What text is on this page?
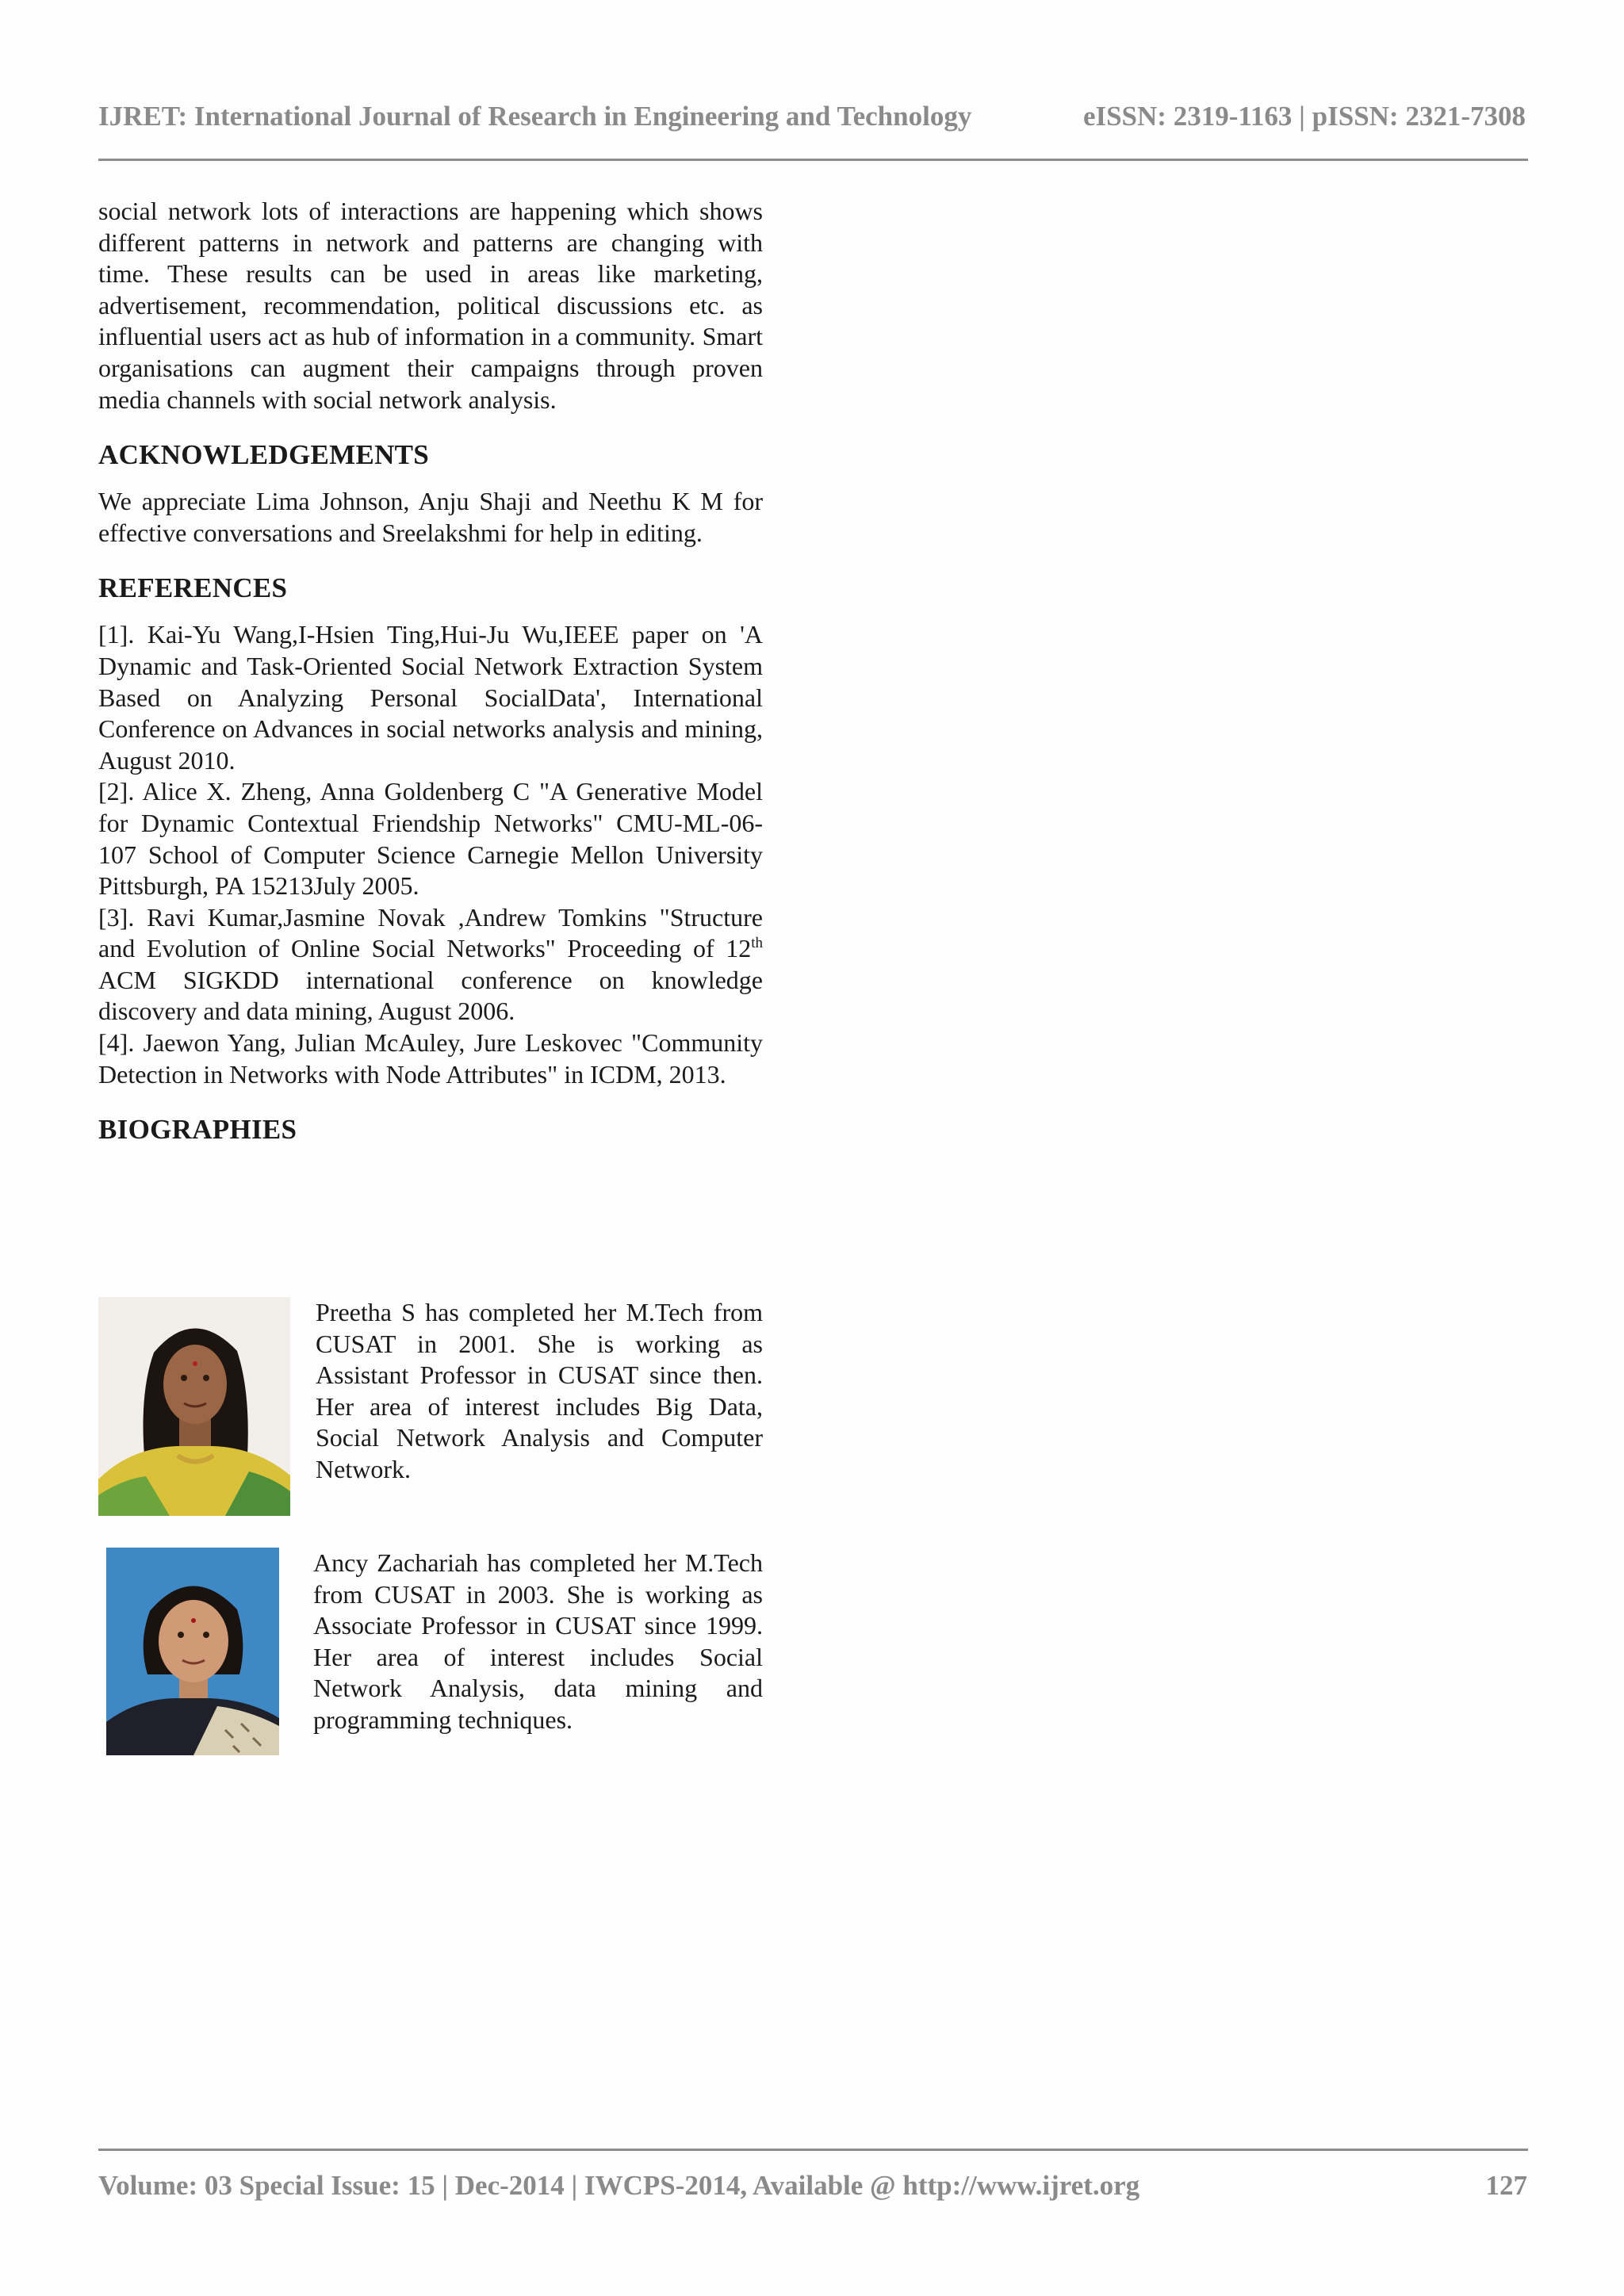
IJRET: International Journal of Research in Engineering and Technology	eISSN: 2319-1163 | pISSN: 2321-7308

social network lots of interactions are happening which shows different patterns in network and patterns are changing with time. These results can be used in areas like marketing, advertisement, recommendation, political discussions etc. as influential users act as hub of information in a community. Smart organisations can augment their campaigns through proven media channels with social network analysis.

ACKNOWLEDGEMENTS

We appreciate Lima Johnson, Anju Shaji and Neethu K M for effective conversations and Sreelakshmi for help in editing.

REFERENCES

[1]. Kai-Yu Wang,I-Hsien Ting,Hui-Ju Wu,IEEE paper on 'A Dynamic and Task-Oriented Social Network Extraction System Based on Analyzing Personal SocialData', International Conference on Advances in social networks analysis and mining, August 2010.

[2]. Alice X. Zheng, Anna Goldenberg C "A Generative Model for Dynamic Contextual Friendship Networks" CMU-ML-06-107 School of Computer Science Carnegie Mellon University Pittsburgh, PA 15213July 2005.

[3]. Ravi Kumar,Jasmine Novak ,Andrew Tomkins "Structure and Evolution of Online Social Networks" Proceeding of 12th ACM SIGKDD international conference on knowledge discovery and data mining, August 2006.

[4]. Jaewon Yang, Julian McAuley, Jure Leskovec "Community Detection in Networks with Node Attributes" in ICDM, 2013.

BIOGRAPHIES

Preetha S has completed her M.Tech from CUSAT in 2001. She is working as Assistant Professor in CUSAT since then. Her area of interest includes Big Data, Social Network Analysis and Computer Network.

Ancy Zachariah has completed her M.Tech from CUSAT in 2003. She is working as Associate Professor in CUSAT since 1999. Her area of interest includes Social Network Analysis, data mining and programming techniques.

Volume: 03 Special Issue: 15 | Dec-2014 | IWCPS-2014, Available @ http://www.ijret.org	127
